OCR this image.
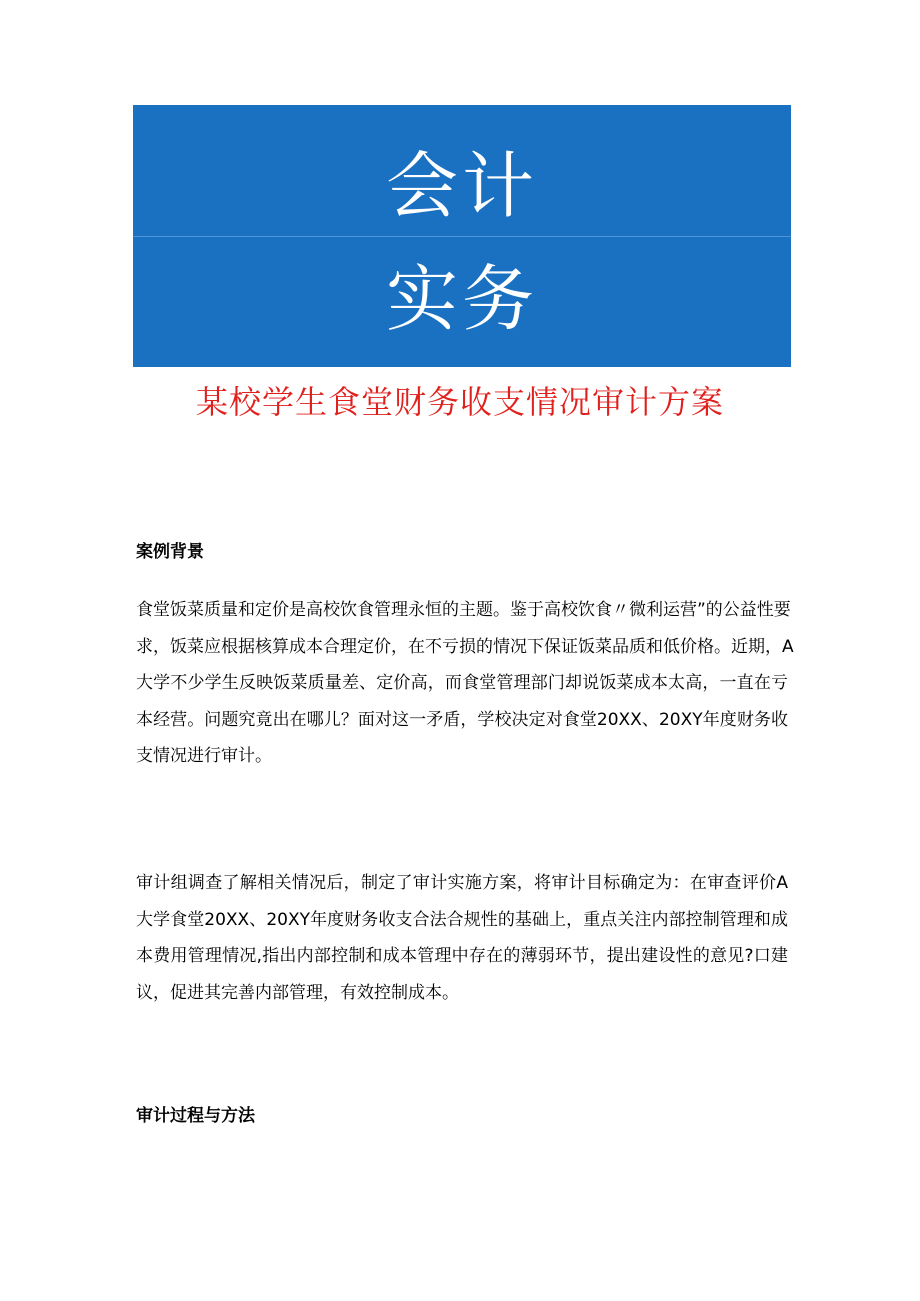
会计
实务
某校学生食堂财务收支情况审计方案
案例背景
食堂饭菜质量和定价是高校饮食管理永恒的主题。鉴于高校饮食〃微利运营”的公益性要
求，饭菜应根据核算成本合理定价，在不亏损的情况下保证饭菜品质和低价格。近期，A
大学不少学生反映饭菜质量差、定价高，而食堂管理部门却说饭菜成本太高，一直在亏
本经营。问题究竟出在哪儿？面对这一矛盾，学校决定对食堂20XX、20XY年度财务收
支情况进行审计。
审计组调查了解相关情况后，制定了审计实施方案，将审计目标确定为：在审查评价A
大学食堂20XX、20XY年度财务收支合法合规性的基础上，重点关注内部控制管理和成
本费用管理情况,指出内部控制和成本管理中存在的薄弱环节，提出建设性的意见?口建
议，促进其完善内部管理，有效控制成本。
审计过程与方法
